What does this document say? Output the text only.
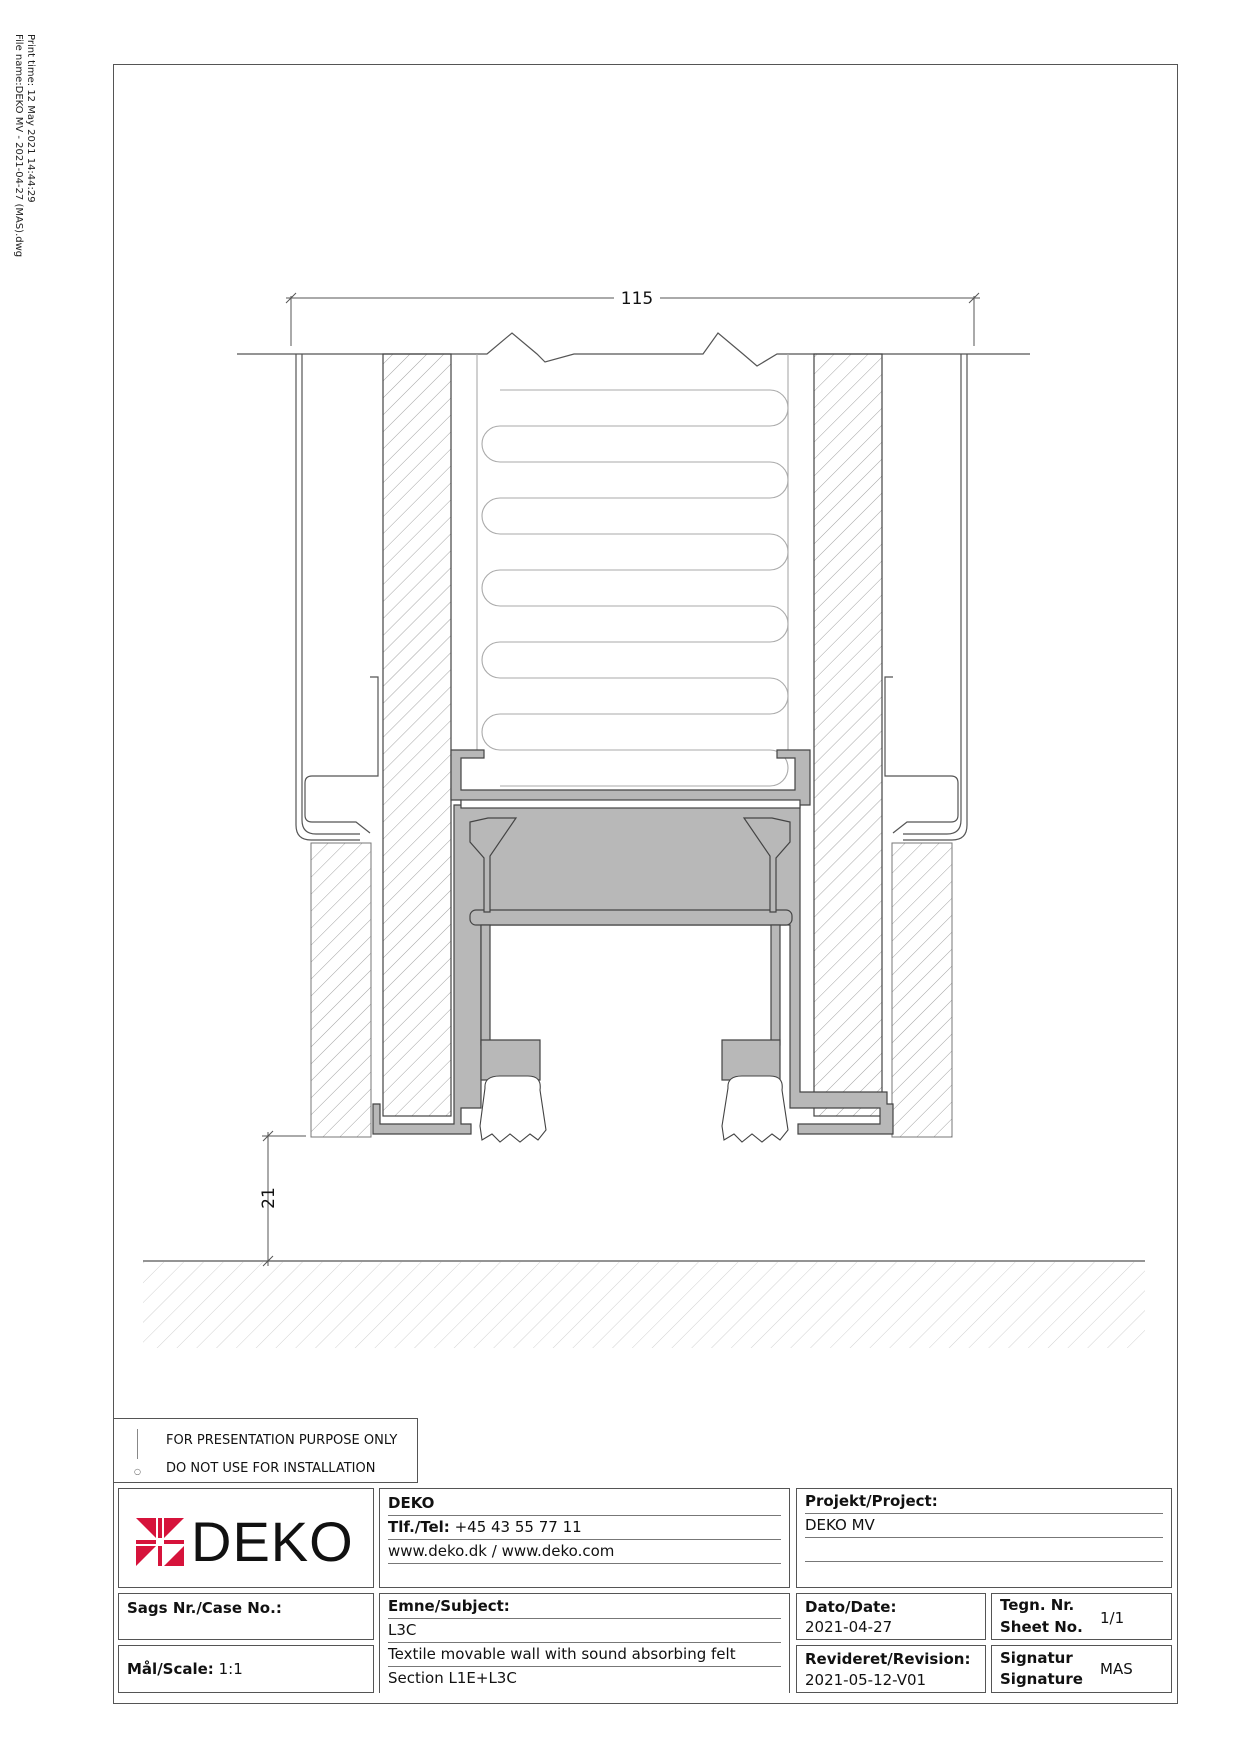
Print time: 12 May 2021 14:44:29
File name:DEKO MV - 2021-04-27 (MAS).dwg
115
21
○
FOR PRESENTATION PURPOSE ONLY
DO NOT USE FOR INSTALLATION
DEKO
DEKO
Tlf./Tel: +45 43 55 77 11
www.deko.dk / www.deko.com
Projekt/Project:
DEKO MV
Sags Nr./Case No.:	Emne/Subject:
L3C
Textile movable wall with sound absorbing felt
Section L1E+L3C
Dato/Date:
2021-04-27
Tegn. Nr.
Sheet No. 1/1
Mål/Scale: 1:1
Revideret/Revision:
2021-05-12-V01
Signatur
Signature
MAS
